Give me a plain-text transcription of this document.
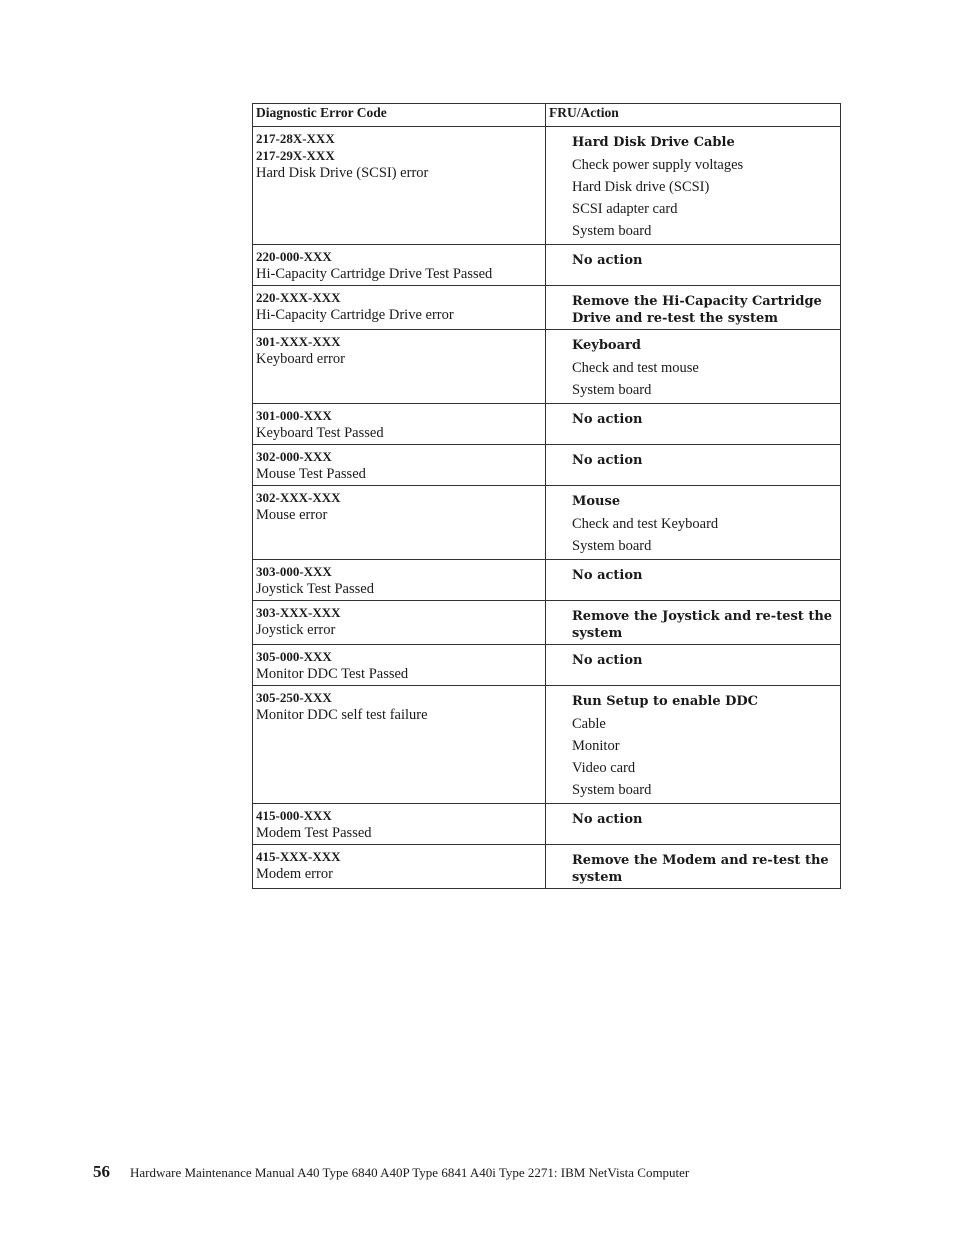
Diagnostic Error Code	FRU/Action

217-28X-XXX
217-29X-XXX
Hard Disk Drive (SCSI) error	Hard Disk Drive Cable
Check power supply voltages
Hard Disk drive (SCSI)
SCSI adapter card
System board

220-000-XXX
Hi-Capacity Cartridge Drive Test Passed	No action

220-XXX-XXX
Hi-Capacity Cartridge Drive error	Remove the Hi-Capacity Cartridge Drive and re-test the system

301-XXX-XXX
Keyboard error	Keyboard
Check and test mouse
System board

301-000-XXX
Keyboard Test Passed	No action

302-000-XXX
Mouse Test Passed	No action

302-XXX-XXX
Mouse error	Mouse
Check and test Keyboard
System board

303-000-XXX
Joystick Test Passed	No action

303-XXX-XXX
Joystick error	Remove the Joystick and re-test the system

305-000-XXX
Monitor DDC Test Passed	No action

305-250-XXX
Monitor DDC self test failure	Run Setup to enable DDC
Cable
Monitor
Video card
System board

415-000-XXX
Modem Test Passed	No action

415-XXX-XXX
Modem error	Remove the Modem and re-test the system
56 Hardware Maintenance Manual A40 Type 6840 A40P Type 6841 A40i Type 2271: IBM NetVista Computer
